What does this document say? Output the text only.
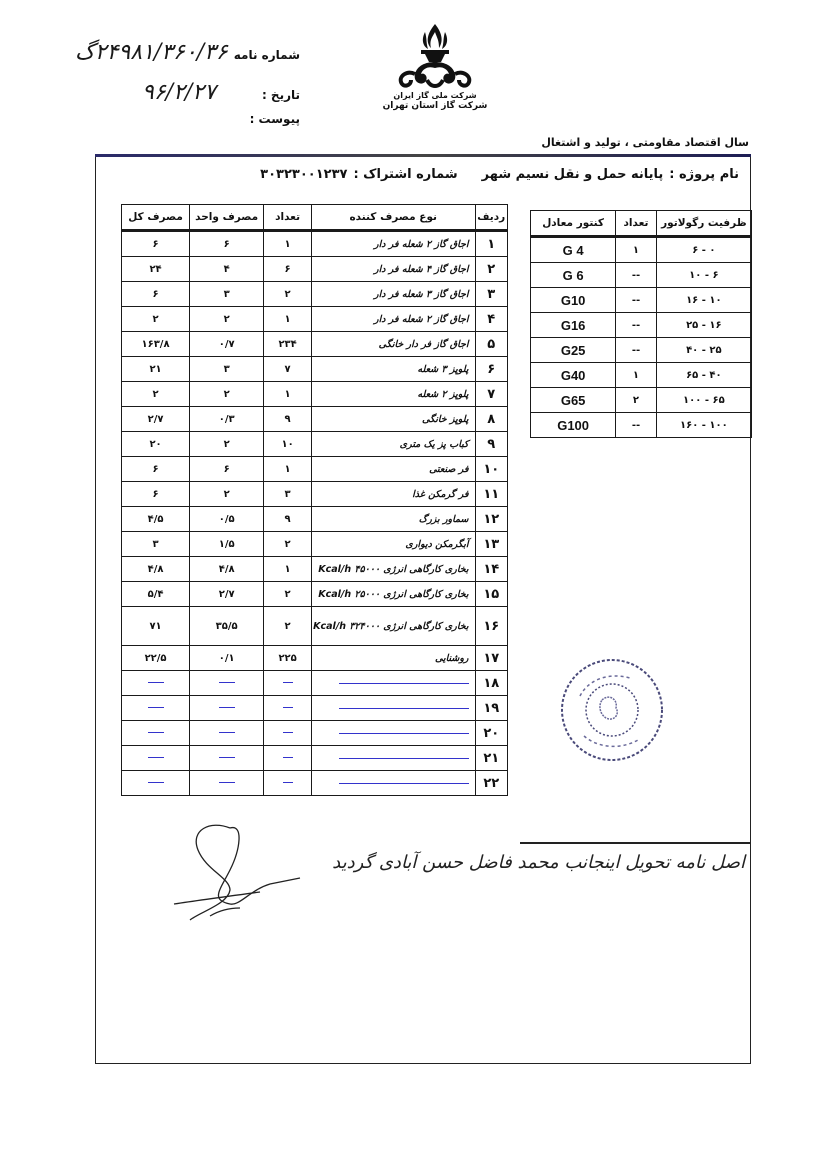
شماره نامه
۲۴۹۸۱/۳۶۰/۳۶گ
تاریخ :
۹۶/۲/۲۷
پیوست :
شرکت ملی گاز ایران
شرکت گاز استان تهران
سال اقتصاد مقاومتی ، تولید و اشتغال
نام پروژه :
پایانه حمل و نقل نسیم شهر
شماره اشتراک :
۳۰۳۲۳۰۰۱۲۳۷
ردیف	نوع مصرف کننده	تعداد	مصرف واحد	مصرف کل
۱	اجاق گاز ۲ شعله فر دار	۱	۶	۶
۲	اجاق گاز ۴ شعله فر دار	۶	۴	۲۴
۳	اجاق گاز ۳ شعله فر دار	۲	۳	۶
۴	اجاق گاز ۲ شعله فر دار	۱	۲	۲
۵	اجاق گاز فر دار خانگی	۲۳۴	۰/۷	۱۶۳/۸
۶	پلوپز ۳ شعله	۷	۳	۲۱
۷	پلوپز ۲ شعله	۱	۲	۲
۸	پلوپز خانگی	۹	۰/۳	۲/۷
۹	کباب پز یک متری	۱۰	۲	۲۰
۱۰	فر صنعتی	۱	۶	۶
۱۱	فر گرمکن غذا	۳	۲	۶
۱۲	سماور بزرگ	۹	۰/۵	۴/۵
۱۳	آبگرمکن دیواری	۲	۱/۵	۳
۱۴	بخاری کارگاهی انرژی Kcal/h ۴۵۰۰۰	۱	۴/۸	۴/۸
۱۵	بخاری کارگاهی انرژی Kcal/h ۲۵۰۰۰	۲	۲/۷	۵/۴
۱۶	بخاری کارگاهی انرژی Kcal/h ۳۲۴۰۰۰	۲	۳۵/۵	۷۱
۱۷	روشنایی	۲۲۵	۰/۱	۲۲/۵
۱۸				
۱۹				
۲۰				
۲۱				
۲۲				
ظرفیت رگولاتور	تعداد	کنتور معادل
۰ - ۶	۱	G 4
۶ - ۱۰	--	G 6
۱۰ - ۱۶	--	G10
۱۶ - ۲۵	--	G16
۲۵ - ۴۰	--	G25
۴۰ - ۶۵	۱	G40
۶۵ - ۱۰۰	۲	G65
۱۰۰ - ۱۶۰	--	G100
اصل نامه تحویل اینجانب محمد فاضل حسن آبادی گردید
